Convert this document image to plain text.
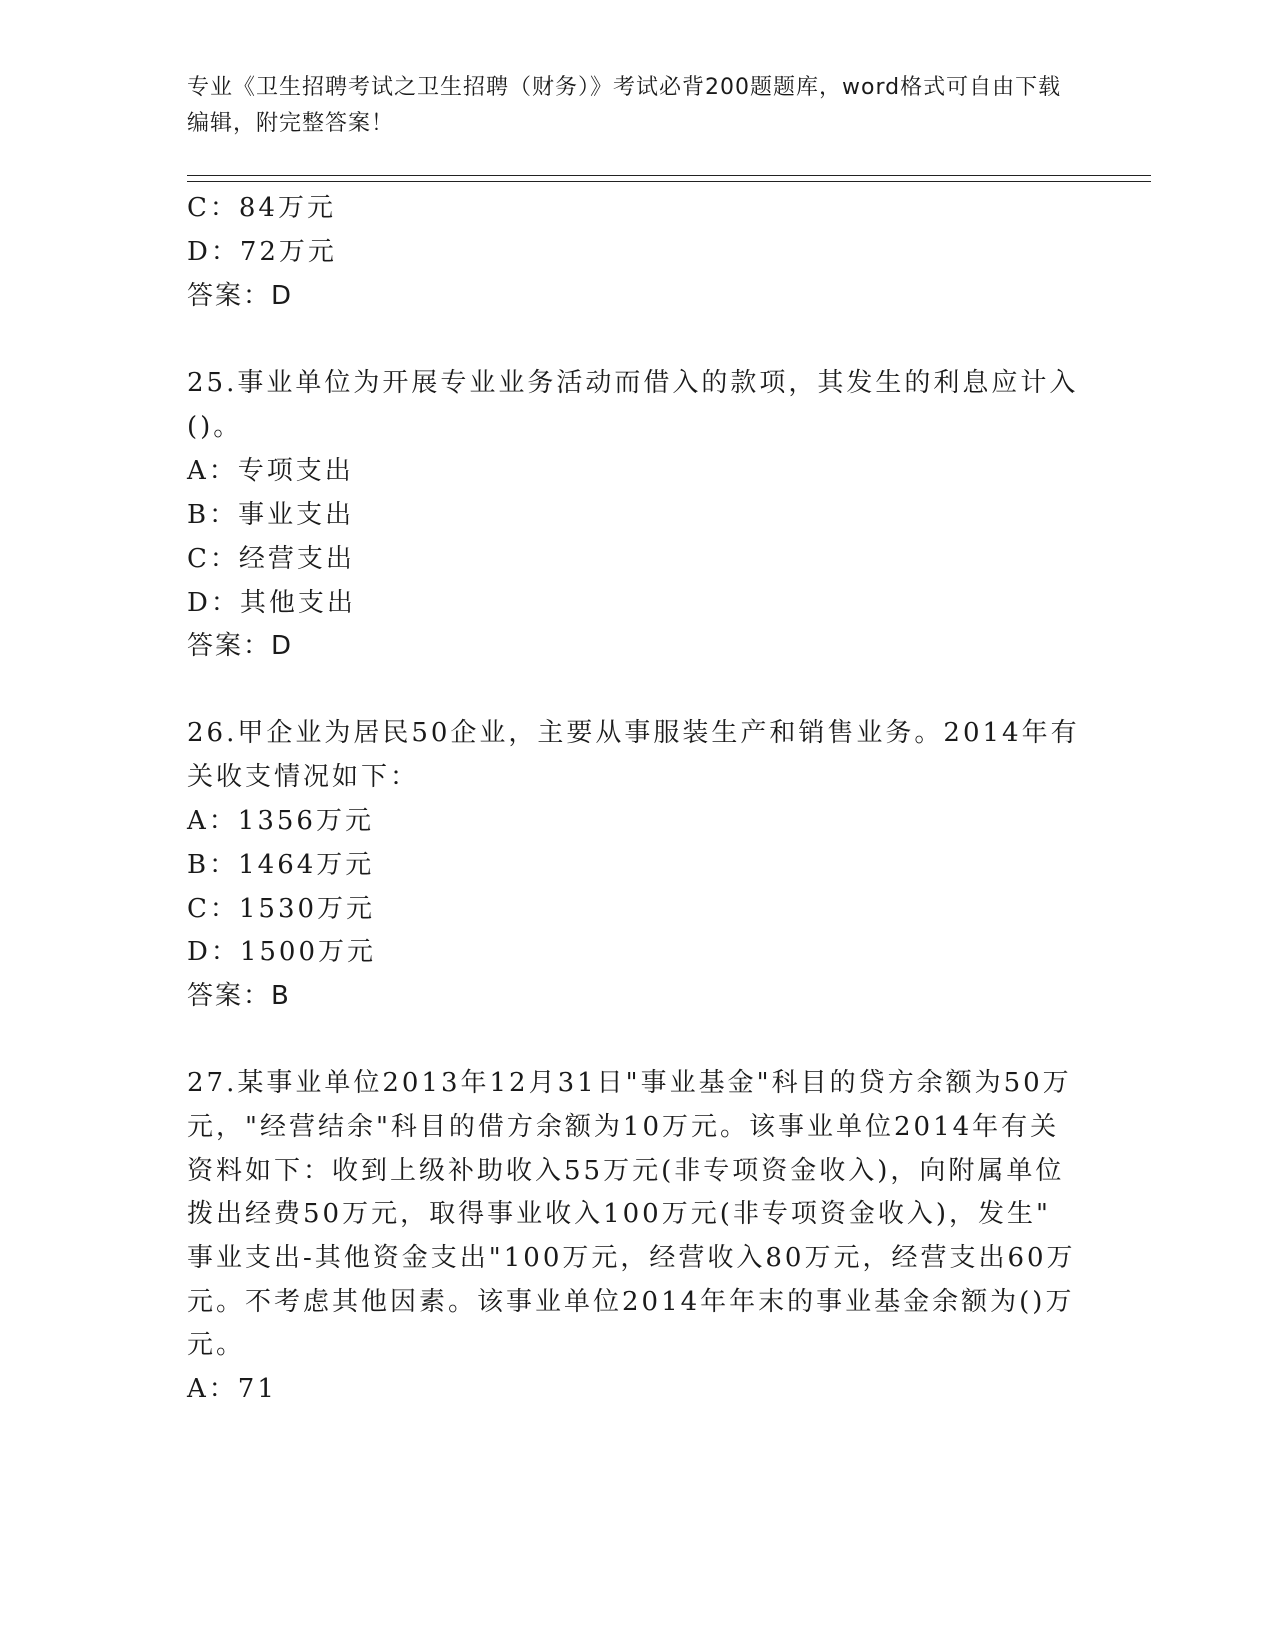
专业《卫生招聘考试之卫生招聘（财务）》考试必背200题题库，word格式可自由下载编辑，附完整答案！
C：84万元
D：72万元
答案：D
25.事业单位为开展专业业务活动而借入的款项，其发生的利息应计入
()。
A：专项支出
B：事业支出
C：经营支出
D：其他支出
答案：D
26.甲企业为居民50企业，主要从事服装生产和销售业务。2014年有
关收支情况如下：
A：1356万元
B：1464万元
C：1530万元
D：1500万元
答案：B
27.某事业单位2013年12月31日"事业基金"科目的贷方余额为50万
元，"经营结余"科目的借方余额为10万元。该事业单位2014年有关
资料如下：收到上级补助收入55万元(非专项资金收入)，向附属单位
拨出经费50万元，取得事业收入100万元(非专项资金收入)，发生"
事业支出-其他资金支出"100万元，经营收入80万元，经营支出60万
元。不考虑其他因素。该事业单位2014年年末的事业基金余额为()万
元。
A：71
